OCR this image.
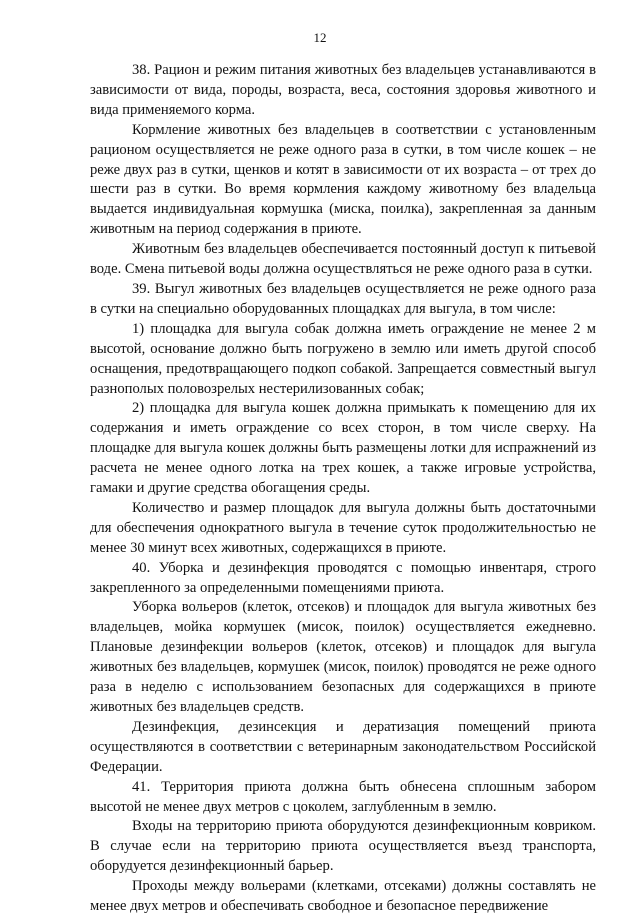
12

38. Рацион и режим питания животных без владельцев устанавливаются в зависимости от вида, породы, возраста, веса, состояния здоровья животного и вида применяемого корма.

Кормление животных без владельцев в соответствии с установленным рационом осуществляется не реже одного раза в сутки, в том числе кошек – не реже двух раз в сутки, щенков и котят в зависимости от их возраста – от трех до шести раз в сутки. Во время кормления каждому животному без владельца выдается индивидуальная кормушка (миска, поилка), закрепленная за данным животным на период содержания в приюте.

Животным без владельцев обеспечивается постоянный доступ к питьевой воде. Смена питьевой воды должна осуществляться не реже одного раза в сутки.

39. Выгул животных без владельцев осуществляется не реже одного раза в сутки на специально оборудованных площадках для выгула, в том числе:

1) площадка для выгула собак должна иметь ограждение не менее 2 м высотой, основание должно быть погружено в землю или иметь другой способ оснащения, предотвращающего подкоп собакой. Запрещается совместный выгул разнополых половозрелых нестерилизованных собак;

2) площадка для выгула кошек должна примыкать к помещению для их содержания и иметь ограждение со всех сторон, в том числе сверху. На площадке для выгула кошек должны быть размещены лотки для испражнений из расчета не менее одного лотка на трех кошек, а также игровые устройства, гамаки и другие средства обогащения среды.

Количество и размер площадок для выгула должны быть достаточными для обеспечения однократного выгула в течение суток продолжительностью не менее 30 минут всех животных, содержащихся в приюте.

40. Уборка и дезинфекция проводятся с помощью инвентаря, строго закрепленного за определенными помещениями приюта.

Уборка вольеров (клеток, отсеков) и площадок для выгула животных без владельцев, мойка кормушек (мисок, поилок) осуществляется ежедневно. Плановые дезинфекции вольеров (клеток, отсеков) и площадок для выгула животных без владельцев, кормушек (мисок, поилок) проводятся не реже одного раза в неделю с использованием безопасных для содержащихся в приюте животных без владельцев средств.

Дезинфекция, дезинсекция и дератизация помещений приюта осуществляются в соответствии с ветеринарным законодательством Российской Федерации.

41. Территория приюта должна быть обнесена сплошным забором высотой не менее двух метров с цоколем, заглубленным в землю.

Входы на территорию приюта оборудуются дезинфекционным ковриком. В случае если на территорию приюта осуществляется въезд транспорта, оборудуется дезинфекционный барьер.

Проходы между вольерами (клетками, отсеками) должны составлять не менее двух метров и обеспечивать свободное и безопасное передвижение
